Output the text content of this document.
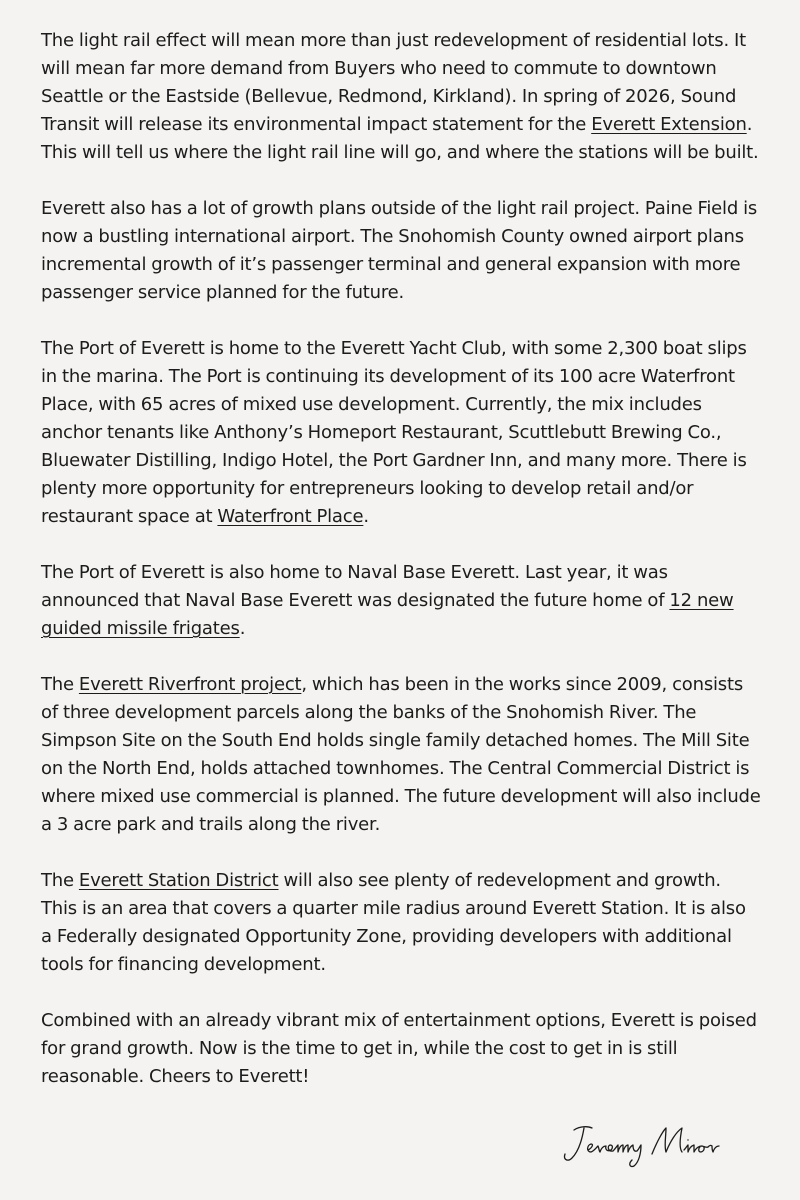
The light rail effect will mean more than just redevelopment of residential lots. It will mean far more demand from Buyers who need to commute to downtown Seattle or the Eastside (Bellevue, Redmond, Kirkland). In spring of 2026, Sound Transit will release its environmental impact statement for the Everett Extension. This will tell us where the light rail line will go, and where the stations will be built.

Everett also has a lot of growth plans outside of the light rail project. Paine Field is now a bustling international airport. The Snohomish County owned airport plans incremental growth of it’s passenger terminal and general expansion with more passenger service planned for the future.

The Port of Everett is home to the Everett Yacht Club, with some 2,300 boat slips in the marina. The Port is continuing its development of its 100 acre Waterfront Place, with 65 acres of mixed use development. Currently, the mix includes anchor tenants like Anthony’s Homeport Restaurant, Scuttlebutt Brewing Co., Bluewater Distilling, Indigo Hotel, the Port Gardner Inn, and many more. There is plenty more opportunity for entrepreneurs looking to develop retail and/or restaurant space at Waterfront Place.

The Port of Everett is also home to Naval Base Everett. Last year, it was announced that Naval Base Everett was designated the future home of 12 new guided missile frigates.

The Everett Riverfront project, which has been in the works since 2009, consists of three development parcels along the banks of the Snohomish River. The Simpson Site on the South End holds single family detached homes. The Mill Site on the North End, holds attached townhomes. The Central Commercial District is where mixed use commercial is planned. The future development will also include a 3 acre park and trails along the river.

The Everett Station District will also see plenty of redevelopment and growth. This is an area that covers a quarter mile radius around Everett Station. It is also a Federally designated Opportunity Zone, providing developers with additional tools for financing development.

Combined with an already vibrant mix of entertainment options, Everett is poised for grand growth. Now is the time to get in, while the cost to get in is still reasonable. Cheers to Everett!
